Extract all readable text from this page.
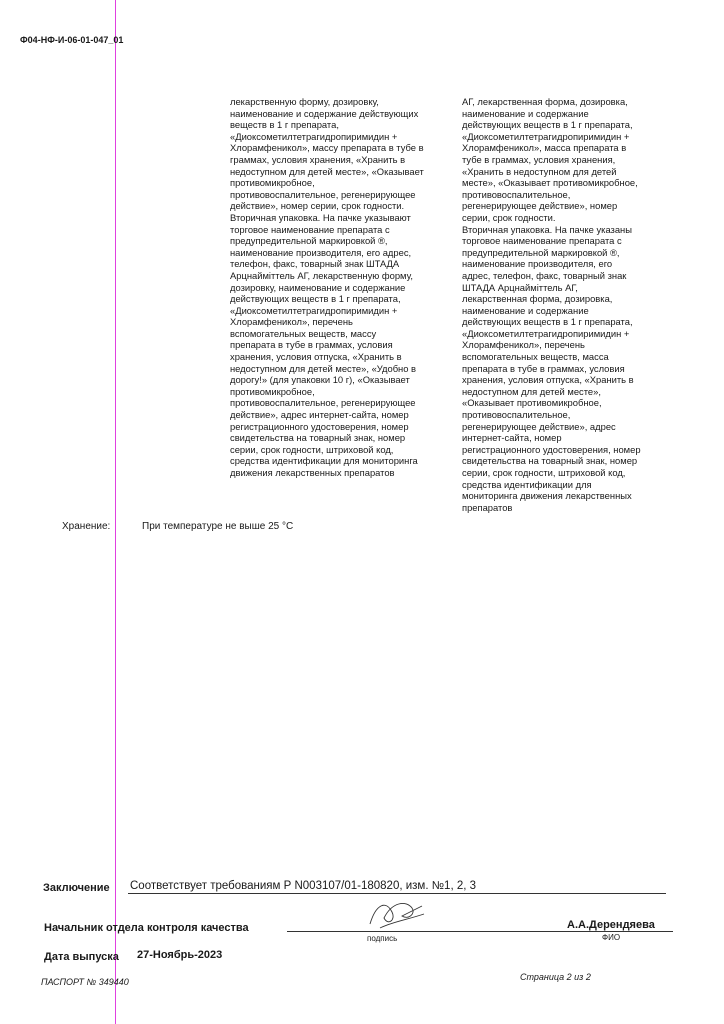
Ф04-НФ-И-06-01-047_01
лекарственную форму, дозировку,
наименование и содержание действующих
веществ в 1 г препарата,
«Диоксометилтетрагидропиримидин +
Хлорамфеникол», массу препарата в тубе в
граммах, условия хранения, «Хранить в
недоступном для детей месте», «Оказывает
противомикробное,
противовоспалительное, регенерирующее
действие», номер серии, срок годности.
Вторичная упаковка. На пачке указывают
торговое наименование препарата с
предупредительной маркировкой ®,
наименование производителя, его адрес,
телефон, факс, товарный знак ШТАДА
Арцнайміттель АГ, лекарственную форму,
дозировку, наименование и содержание
действующих веществ в 1 г препарата,
«Диоксометилтетрагидропиримидин +
Хлорамфеникол», перечень
вспомогательных веществ, массу
препарата в тубе в граммах, условия
хранения, условия отпуска, «Хранить в
недоступном для детей месте», «Удобно в
дорогу!» (для упаковки 10 г), «Оказывает
противомикробное,
противовоспалительное, регенерирующее
действие», адрес интернет-сайта, номер
регистрационного удостоверения, номер
свидетельства на товарный знак, номер
серии, срок годности, штриховой код,
средства идентификации для мониторинга
движения лекарственных препаратов
АГ, лекарственная форма, дозировка,
наименование и содержание
действующих веществ в 1 г препарата,
«Диоксометилтетрагидропиримидин +
Хлорамфеникол», масса препарата в
тубе в граммах, условия хранения,
«Хранить в недоступном для детей
месте», «Оказывает противомикробное,
противовоспалительное,
регенерирующее действие», номер
серии, срок годности.
Вторичная упаковка. На пачке указаны
торговое наименование препарата с
предупредительной маркировкой ®,
наименование производителя, его
адрес, телефон, факс, товарный знак
ШТАДА Арцнайміттель АГ,
лекарственная форма, дозировка,
наименование и содержание
действующих веществ в 1 г препарата,
«Диоксометилтетрагидропиримидин +
Хлорамфеникол», перечень
вспомогательных веществ, масса
препарата в тубе в граммах, условия
хранения, условия отпуска, «Хранить в
недоступном для детей месте»,
«Оказывает противомикробное,
противовоспалительное,
регенерирующее действие», адрес
интернет-сайта, номер
регистрационного удостоверения, номер
свидетельства на товарный знак, номер
серии, срок годности, штриховой код,
средства идентификации для
мониторинга движения лекарственных
препаратов
Хранение:	При температуре не выше 25 °С
Заключение Соответствует требованиям Р N003107/01-180820, изм. №1, 2, 3
Начальник отдела контроля качества
подпись
А.А.Дерендяева
ФИО
Дата выпуска 27-Ноябрь-2023
ПАСПОРТ № 349440	Страница 2 из 2
